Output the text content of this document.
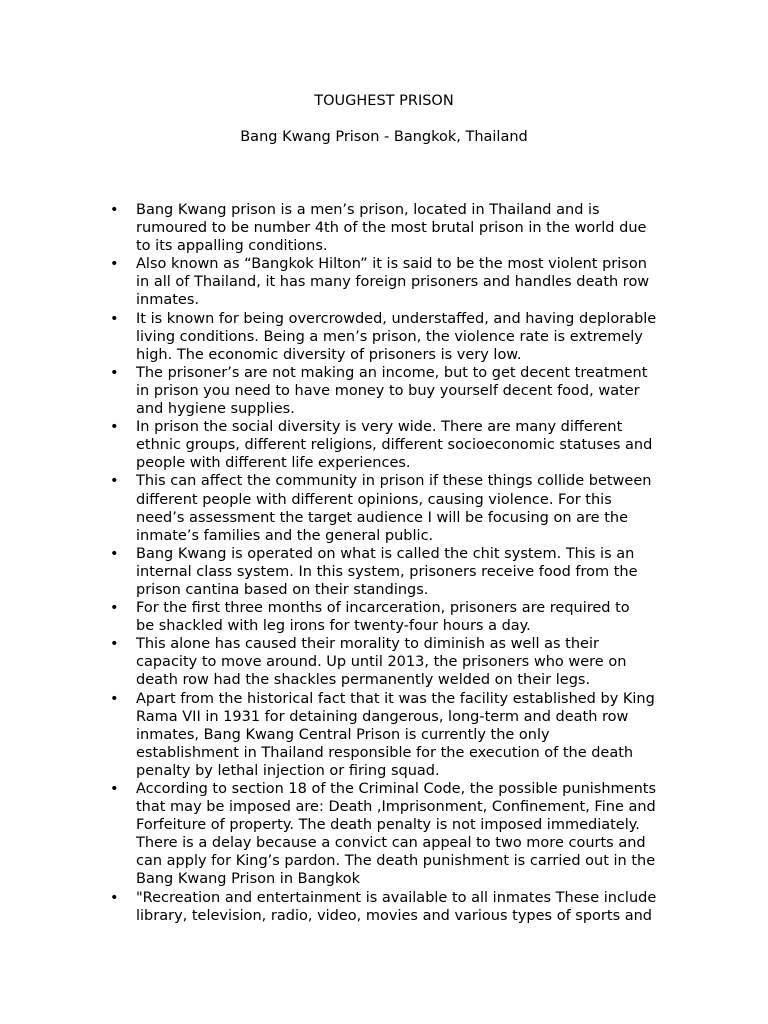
TOUGHEST PRISON
Bang Kwang Prison - Bangkok, Thailand
• Bang Kwang prison is a men’s prison, located in Thailand and is
rumoured to be number 4th of the most brutal prison in the world due
to its appalling conditions.
• Also known as “Bangkok Hilton” it is said to be the most violent prison
in all of Thailand, it has many foreign prisoners and handles death row
inmates.
• It is known for being overcrowded, understaffed, and having deplorable
living conditions. Being a men’s prison, the violence rate is extremely
high. The economic diversity of prisoners is very low.
• The prisoner’s are not making an income, but to get decent treatment
in prison you need to have money to buy yourself decent food, water
and hygiene supplies.
• In prison the social diversity is very wide. There are many different
ethnic groups, different religions, different socioeconomic statuses and
people with different life experiences.
• This can affect the community in prison if these things collide between
different people with different opinions, causing violence. For this
need’s assessment the target audience I will be focusing on are the
inmate’s families and the general public.
• Bang Kwang is operated on what is called the chit system. This is an
internal class system. In this system, prisoners receive food from the
prison cantina based on their standings.
• For the first three months of incarceration, prisoners are required to
be shackled with leg irons for twenty-four hours a day.
• This alone has caused their morality to diminish as well as their
capacity to move around. Up until 2013, the prisoners who were on
death row had the shackles permanently welded on their legs.
• Apart from the historical fact that it was the facility established by King
Rama VII in 1931 for detaining dangerous, long-term and death row
inmates, Bang Kwang Central Prison is currently the only
establishment in Thailand responsible for the execution of the death
penalty by lethal injection or firing squad.
• According to section 18 of the Criminal Code, the possible punishments
that may be imposed are: Death ,Imprisonment, Confinement, Fine and
Forfeiture of property. The death penalty is not imposed immediately.
There is a delay because a convict can appeal to two more courts and
can apply for King’s pardon. The death punishment is carried out in the
Bang Kwang Prison in Bangkok
• "Recreation and entertainment is available to all inmates These include
library, television, radio, video, movies and various types of sports and
